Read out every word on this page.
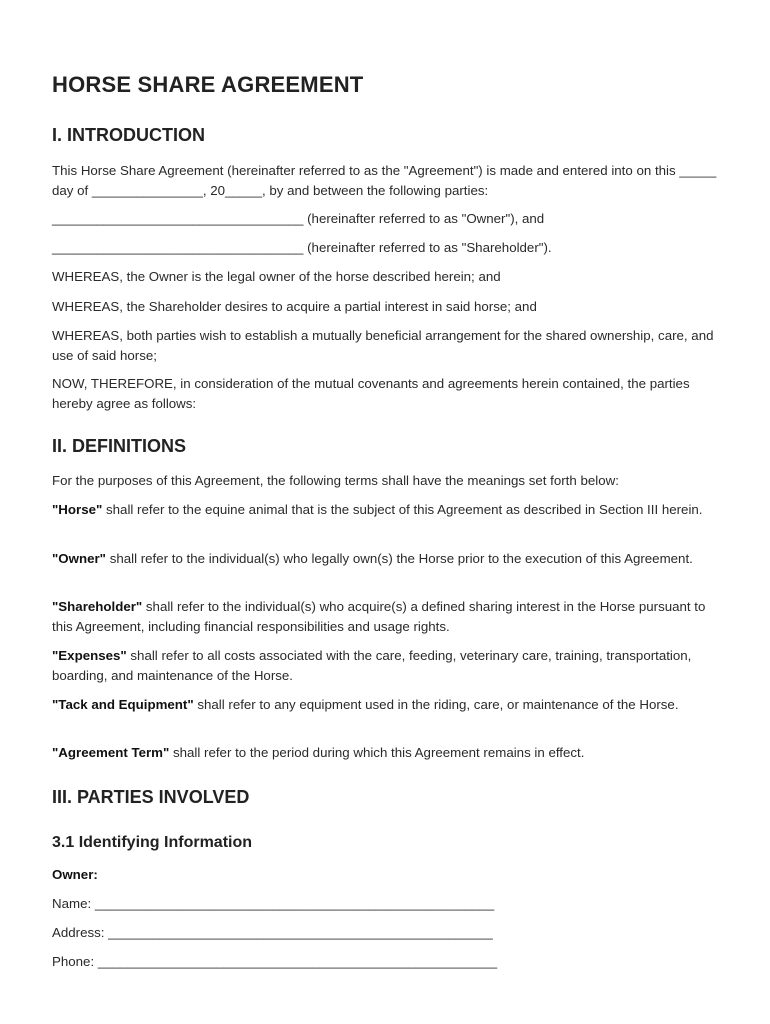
HORSE SHARE AGREEMENT
I. INTRODUCTION

This Horse Share Agreement (hereinafter referred to as the "Agreement") is made and entered into on this _____ day of _______________, 20_____, by and between the following parties:

__________________________________ (hereinafter referred to as "Owner"), and

__________________________________ (hereinafter referred to as "Shareholder").

WHEREAS, the Owner is the legal owner of the horse described herein; and

WHEREAS, the Shareholder desires to acquire a partial interest in said horse; and

WHEREAS, both parties wish to establish a mutually beneficial arrangement for the shared ownership, care, and use of said horse;

NOW, THEREFORE, in consideration of the mutual covenants and agreements herein contained, the parties hereby agree as follows:

II. DEFINITIONS

For the purposes of this Agreement, the following terms shall have the meanings set forth below:

"Horse" shall refer to the equine animal that is the subject of this Agreement as described in Section III herein.

"Owner" shall refer to the individual(s) who legally own(s) the Horse prior to the execution of this Agreement.

"Shareholder" shall refer to the individual(s) who acquire(s) a defined sharing interest in the Horse pursuant to this Agreement, including financial responsibilities and usage rights.

"Expenses" shall refer to all costs associated with the care, feeding, veterinary care, training, transportation, boarding, and maintenance of the Horse.

"Tack and Equipment" shall refer to any equipment used in the riding, care, or maintenance of the Horse.

"Agreement Term" shall refer to the period during which this Agreement remains in effect.

III. PARTIES INVOLVED
3.1 Identifying Information

Owner:

Name: ______________________________________________________

Address: ____________________________________________________

Phone: ______________________________________________________
